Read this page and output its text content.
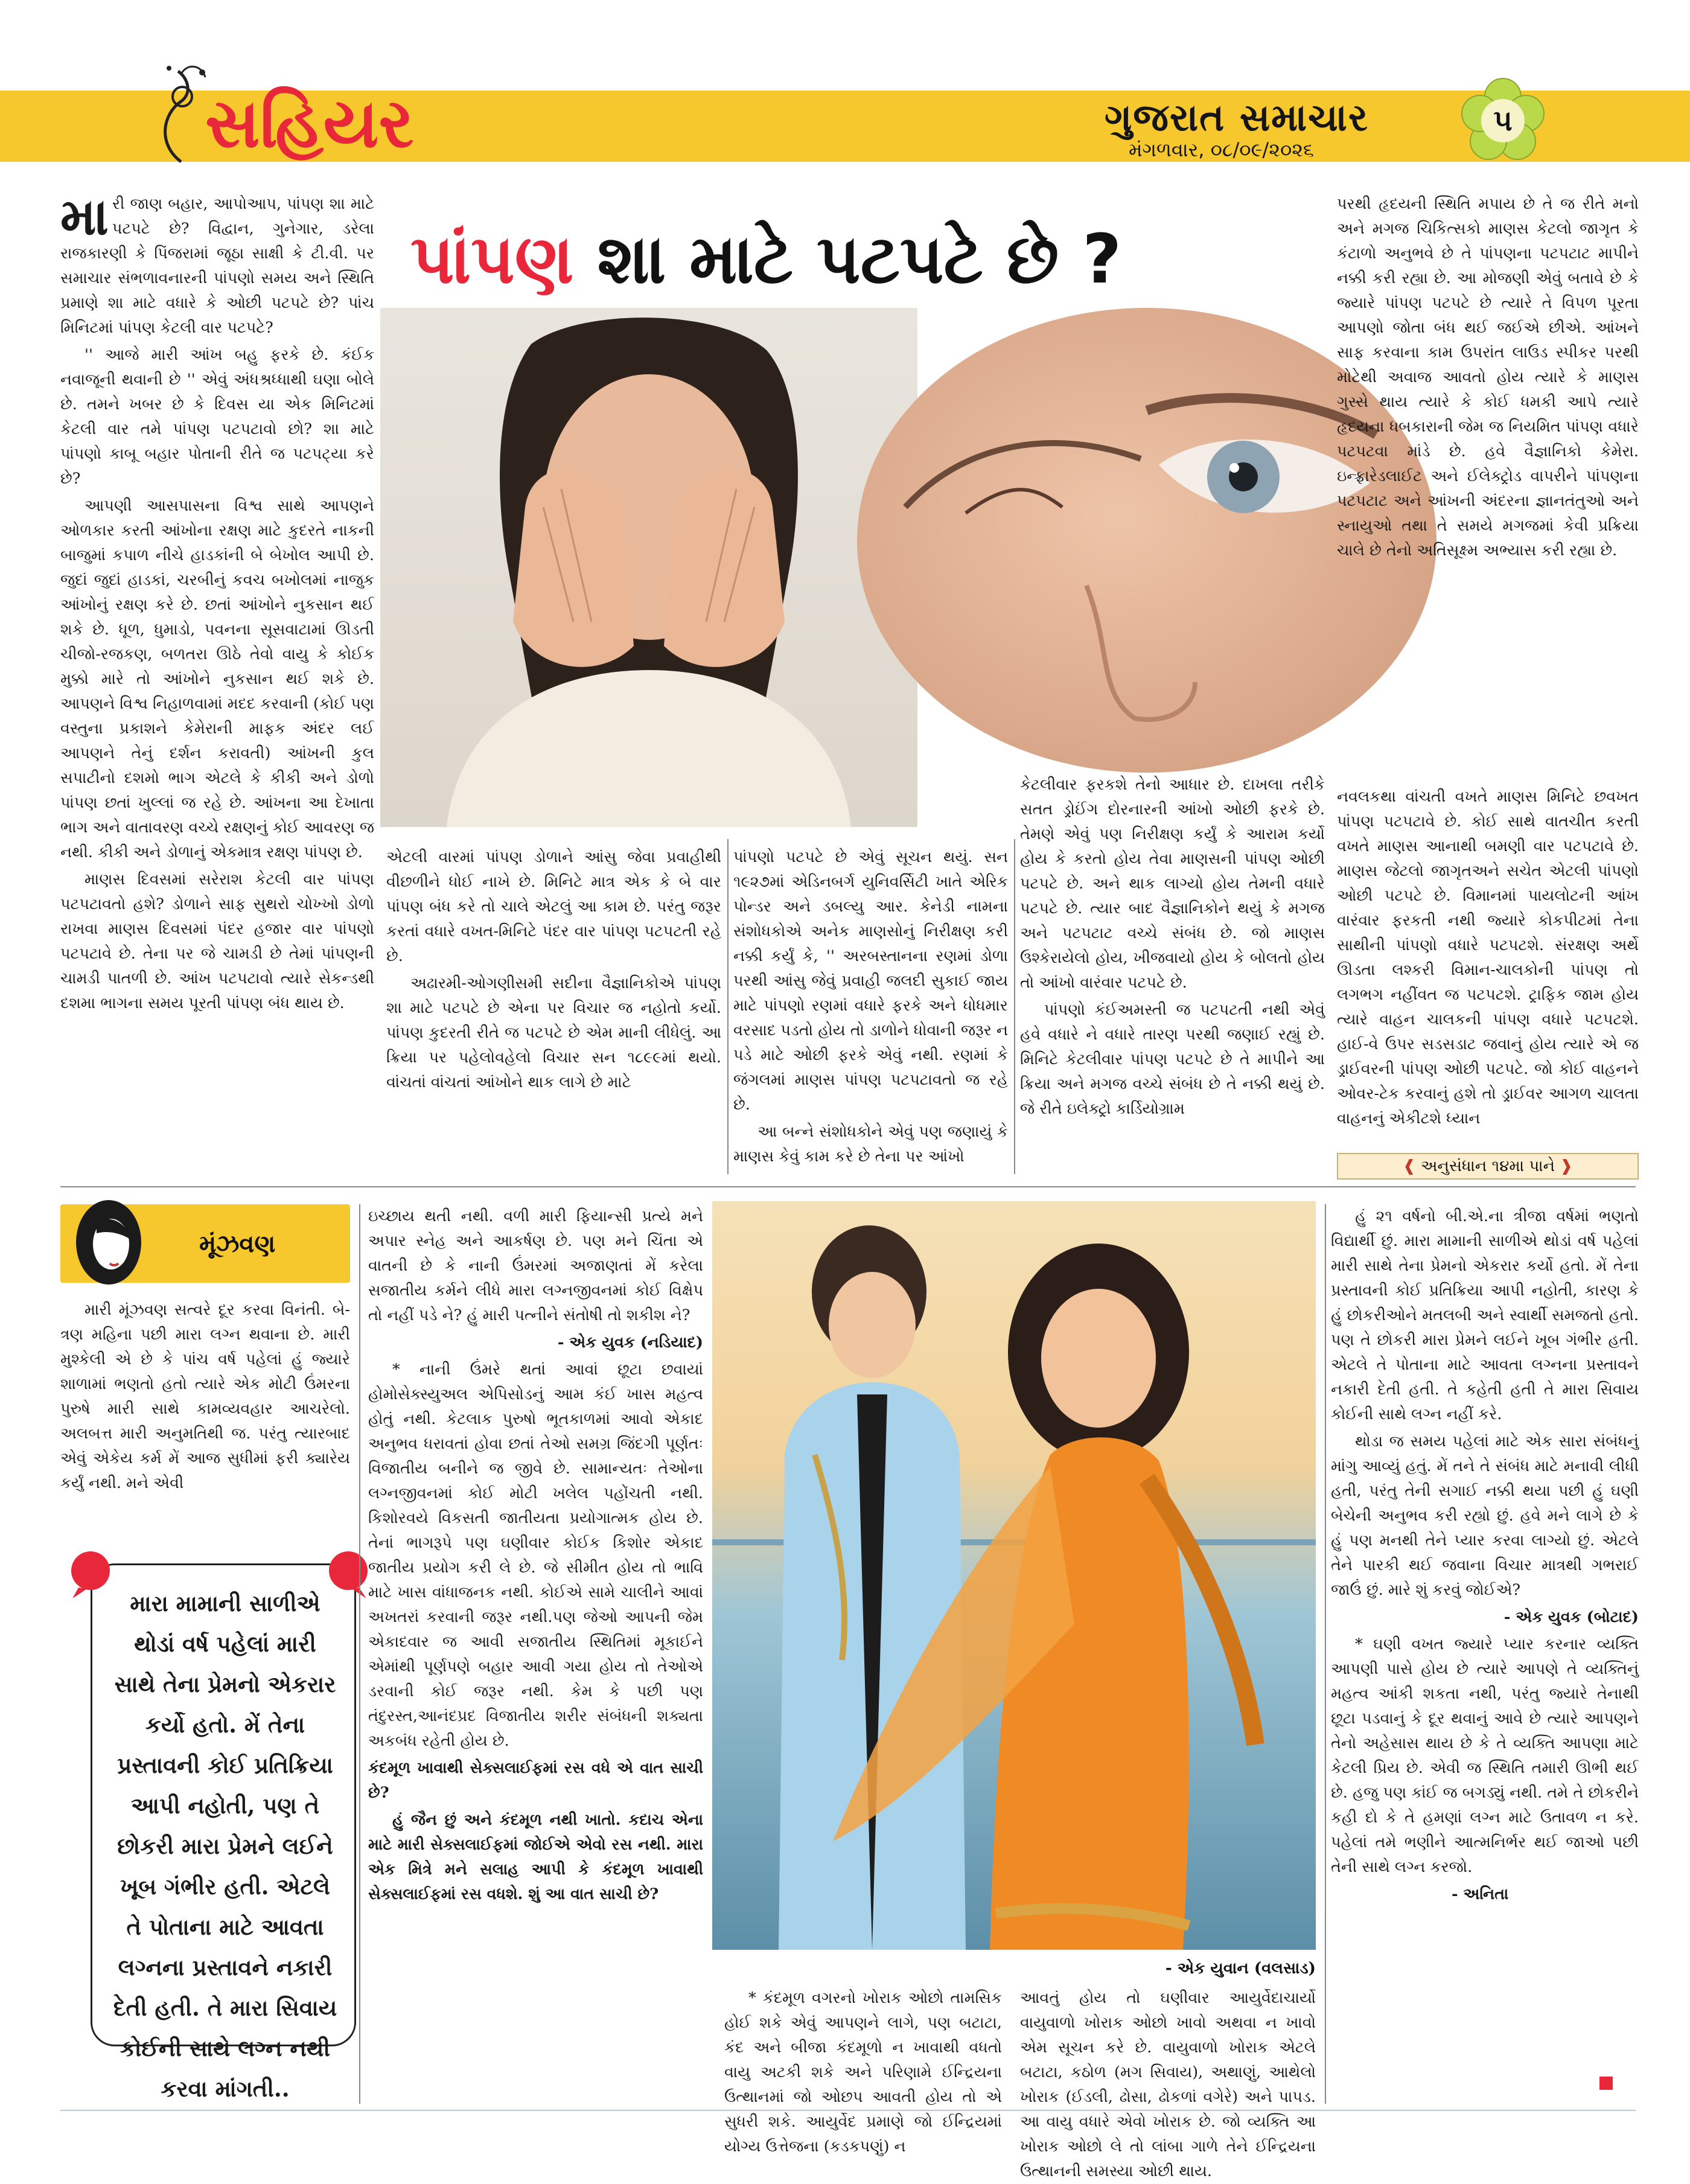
સહિયર	ગુજરાત સમાચાર
મંગળવાર, ૦૮/૦૯/૨૦૨૬
૫
પાંપણ શા માટે પટપટે છે ?

મારી જાણ બહાર, આપોઆપ, પાંપણ શા માટે પટપટે છે? વિદ્વાન, ગુનેગાર, ડરેલા રાજકારણી કે પિંજરામાં જૂઠા સાક્ષી કે ટી.વી. પર સમાચાર સંભળાવનારની પાંપણો સમય અને સ્થિતિ પ્રમાણે શા માટે વધારે કે ઓછી પટપટે છે? પાંચ મિનિટમાં પાંપણ કેટલી વાર પટપટે?

'' આજે મારી આંખ બહુ ફરકે છે. કંઈક નવાજૂની થવાની છે '' એવું અંધશ્રધ્ધાથી ઘણા બોલે છે. તમને ખબર છે કે દિવસ યા એક મિનિટમાં કેટલી વાર તમે પાંપણ પટપટાવો છો? શા માટે પાંપણો કાબૂ બહાર પોતાની રીતે જ પટપટ્યા કરે છે?

આપણી આસપાસના વિશ્વ સાથે આપણને ઓળકાર કરતી આંખોના રક્ષણ માટે કુદરતે નાકની બાજુમાં કપાળ નીચે હાડકાંની બે બેખોલ આપી છે. જુદાં જુદાં હાડકાં, ચરબીનું કવચ બખોલમાં નાજુક આંખોનું રક્ષણ કરે છે. છતાં આંખોને નુકસાન થઈ શકે છે. ધૂળ, ધુમાડો, પવનના સૂસવાટામાં ઊડતી ચીજો-રજકણ, બળતરા ઊઠે તેવો વાયુ કે કોઈક મુક્કો મારે તો આંખોને નુકસાન થઈ શકે છે. આપણને વિશ્વ નિહાળવામાં મદદ કરવાની (કોઈ પણ વસ્તુના પ્રકાશને કેમેરાની માફક અંદર લઈ આપણને તેનું દર્શન કરાવતી) આંખની કુલ સપાટીનો દશમો ભાગ એટલે કે કીકી અને ડોળો પાંપણ છતાં ખુલ્લાં જ રહે છે. આંખના આ દેખાતા ભાગ અને વાતાવરણ વચ્ચે રક્ષણનું કોઈ આવરણ જ નથી. કીકી અને ડોળાનું એકમાત્ર રક્ષણ પાંપણ છે.

માણસ દિવસમાં સરેરાશ કેટલી વાર પાંપણ પટપટાવતો હશે? ડોળાને સાફ સુથરો ચોખ્ખો ડોળો રાખવા માણસ દિવસમાં પંદર હજાર વાર પાંપણો પટપટાવે છે. તેના પર જે ચામડી છે તેમાં પાંપણની ચામડી પાતળી છે. આંખ પટપટાવો ત્યારે સેકન્ડથી દશમા ભાગના સમય પૂરતી પાંપણ બંધ થાય છે.

એટલી વારમાં પાંપણ ડોળાને આંસુ જેવા પ્રવાહીથી વીછળીને ધોઈ નાખે છે. મિનિટે માત્ર એક કે બે વાર પાંપણ બંધ કરે તો ચાલે એટલું આ કામ છે. પરંતુ જરૂર કરતાં વધારે વખત-મિનિટે પંદર વાર પાંપણ પટપટતી રહે છે.

અઢારમી-ઓગણીસમી સદીના વૈજ્ઞાનિકોએ પાંપણ શા માટે પટપટે છે એના પર વિચાર જ નહોતો કર્યો. પાંપણ કુદરતી રીતે જ પટપટે છે એમ માની લીધેલું. આ ક્રિયા પર પહેલોવહેલો વિચાર સન ૧૮૯૯માં થયો. વાંચતાં વાંચતાં આંખોને થાક લાગે છે માટે

પાંપણો પટપટે છે એવું સૂચન થયું. સન ૧૯૨૭માં એડિનબર્ગ યુનિવર્સિટી ખાતે એરિક પોન્ડર અને ડબલ્યુ આર. કેનેડી નામના સંશોધકોએ અનેક માણસોનું નિરીક્ષણ કરી નક્કી કર્યું કે, '' અરબસ્તાનના રણમાં ડોળા પરથી આંસુ જેવું પ્રવાહી જલદી સુકાઈ જાય માટે પાંપણો રણમાં વધારે ફરકે અને ધોધમાર વરસાદ પડતો હોય તો ડાળોને ધોવાની જરૂર ન પડે માટે ઓછી ફરકે એવું નથી. રણમાં કે જંગલમાં માણસ પાંપણ પટપટાવતો જ રહે છે.

આ બન્ને સંશોધકોને એવું પણ જણાયું કે માણસ કેવું કામ કરે છે તેના પર આંખો

કેટલીવાર ફરકશે તેનો આધાર છે. દાખલા તરીકે સતત ડ્રોઈંગ દોરનારની આંખો ઓછી ફરકે છે. તેમણે એવું પણ નિરીક્ષણ કર્યું કે આરામ કર્યો હોય કે કરતો હોય તેવા માણસની પાંપણ ઓછી પટપટે છે. અને થાક લાગ્યો હોય તેમની વધારે પટપટે છે. ત્યાર બાદ વૈજ્ઞાનિકોને થયું કે મગજ અને પટપટાટ વચ્ચે સંબંધ છે. જો માણસ ઉશ્કેરાયેલો હોય, ખીજવાયો હોય કે બોલતો હોય તો આંખો વારંવાર પટપટે છે.

પાંપણો કંઈઅમસ્તી જ પટપટતી નથી એવું હવે વધારે ને વધારે તારણ પરથી જણાઈ રહ્યું છે. મિનિટે કેટલીવાર પાંપણ પટપટે છે તે માપીને આ ક્રિયા અને મગજ વચ્ચે સંબંધ છે તે નક્કી થયું છે. જે રીતે ઇલેક્ટ્રો કાર્ડિયોગ્રામ

પરથી હૃદયની સ્થિતિ મપાય છે તે જ રીતે મનો અને મગજ ચિકિત્સકો માણસ કેટલો જાગૃત કે કંટાળો અનુભવે છે તે પાંપણના પટપટાટ માપીને નક્કી કરી રહ્યા છે. આ મોજણી એવું બતાવે છે કે જ્યારે પાંપણ પટપટે છે ત્યારે તે વિપળ પૂરતા આપણો જોતા બંધ થઈ જઈએ છીએ. આંખને સાફ કરવાના કામ ઉપરાંત લાઉડ સ્પીકર પરથી મોટેથી અવાજ આવતો હોય ત્યારે કે માણસ ગુસ્સે થાય ત્યારે કે કોઈ ધમકી આપે ત્યારે હૃદયના ધબકારાની જેમ જ નિયમિત પાંપણ વધારે પટપટવા માંડે છે. હવે વૈજ્ઞાનિકો કેમેરા. ઇન્ફ્રારેડલાઈટ અને ઈલેક્ટ્રોડ વાપરીને પાંપણના પટપટાટ અને આંખની અંદરના જ્ઞાનતંતુઓ અને સ્નાયુઓ તથા તે સમયે મગજમાં કેવી પ્રક્રિયા ચાલે છે તેનો અતિસૂક્ષ્મ અભ્યાસ કરી રહ્યા છે.

નવલકથા વાંચતી વખતે માણસ મિનિટે છવખત પાંપણ પટપટાવે છે. કોઈ સાથે વાતચીત કરતી વખતે માણસ આનાથી બમણી વાર પટપટાવે છે. માણસ જેટલો જાગૃતઅને સચેત એટલી પાંપણો ઓછી પટપટે છે. વિમાનમાં પાયલોટની આંખ વારંવાર ફરકતી નથી જ્યારે કોકપીટમાં તેના સાથીની પાંપણો વધારે પટપટશે. સંરક્ષણ અર્થે ઊડતા લશ્કરી વિમાન-ચાલકોની પાંપણ તો લગભગ નહીંવત જ પટપટશે. ટ્રાફિક જામ હોય ત્યારે વાહન ચાલકની પાંપણ વધારે પટપટશે. હાઈ-વે ઉપર સડસડાટ જવાનું હોય ત્યારે એ જ ડ્રાઈવરની પાંપણ ઓછી પટપટે. જો કોઈ વાહનને ઓવર-ટેક કરવાનું હશે તો ડ્રાઈવર આગળ ચાલતા વાહનનું એકીટશે ધ્યાન

❰ અનુસંધાન ૧૪મા પાને ❱
મૂંઝવણ

મારી મૂંઝવણ સત્વરે દૂર કરવા વિનંતી. બે-ત્રણ મહિના પછી મારા લગ્ન થવાના છે. મારી મુશ્કેલી એ છે કે પાંચ વર્ષ પહેલાં હું જ્યારે શાળામાં ભણતો હતો ત્યારે એક મોટી ઉંમરના પુરુષે મારી સાથે કામવ્યવહાર આચરેલો. અલબત્ત મારી અનુમતિથી જ. પરંતુ ત્યારબાદ એવું એકેય કર્મ મેં આજ સુધીમાં ફરી ક્યારેય કર્યું નથી. મને એવી

મારા મામાની સાળીએ થોડાં વર્ષ પહેલાં મારી સાથે તેના પ્રેમનો એકરાર કર્યો હતો. મેં તેના પ્રસ્તાવની કોઈ પ્રતિક્રિયા આપી નહોતી, પણ તે છોકરી મારા પ્રેમને લઈને ખૂબ ગંભીર હતી. એટલે તે પોતાના માટે આવતા લગ્નના પ્રસ્તાવને નકારી દેતી હતી. તે મારા સિવાય કોઈની સાથે લગ્ન નથી કરવા માંગતી..

ઇચ્છાય થતી નથી. વળી મારી ફિયાન્સી પ્રત્યે મને અપાર સ્નેહ અને આકર્ષણ છે. પણ મને ચિંતા એ વાતની છે કે નાની ઉંમરમાં અજાણતાં મેં કરેલા સજાતીય કર્મને લીધે મારા લગ્નજીવનમાં કોઈ વિક્ષેપ તો નહીં પડે ને? હું મારી પત્નીને સંતોષી તો શકીશ ને?

- એક યુવક (નડિયાદ)

* નાની ઉંમરે થતાં આવાં છૂટા છવાયાં હોમોસેક્સ્યુઅલ એપિસોડનું આમ કંઈ ખાસ મહત્વ હોતું નથી. કેટલાક પુરુષો ભૂતકાળમાં આવો એકાદ અનુભવ ધરાવતાં હોવા છતાં તેઓ સમગ્ર જિંદગી પૂર્ણતઃ વિજાતીય બનીને જ જીવે છે. સામાન્યતઃ તેઓના લગ્નજીવનમાં કોઈ મોટી ખલેલ પહોંચતી નથી. કિશોરવયે વિકસતી જાતીયતા પ્રયોગાત્મક હોય છે. તેનાં ભાગરૂપે પણ ઘણીવાર કોઈક કિશોર એકાદ જાતીય પ્રયોગ કરી લે છે. જે સીમીત હોય તો ભાવિ માટે ખાસ વાંધાજનક નથી. કોઈએ સામે ચાલીને આવાં અખતરાં કરવાની જરૂર નથી.પણ જેઓ આપની જેમ એકાદવાર જ આવી સજાતીય સ્થિતિમાં મૂકાઈને એમાંથી પૂર્ણપણે બહાર આવી ગયા હોય તો તેઓએ ડરવાની કોઈ જરૂર નથી. કેમ કે પછી પણ તંદુરસ્ત,આનંદપ્રદ વિજાતીય શરીર સંબંધની શક્યતા અકબંધ રહેતી હોય છે.

કંદમૂળ ખાવાથી સેક્સલાઈફમાં રસ વધે એ વાત સાચી છે?

હું જૈન છું અને કંદમૂળ નથી ખાતો. કદાચ એના માટે મારી સેક્સલાઈફમાં જોઈએ એવો રસ નથી. મારા એક મિત્રે મને સલાહ આપી કે કંદમૂળ ખાવાથી સેક્સલાઈફમાં રસ વધશે. શું આ વાત સાચી છે?

- એક યુવાન (વલસાડ)

* કંદમૂળ વગરનો ખોરાક ઓછો તામસિક હોઈ શકે એવું આપણને લાગે, પણ બટાટા, કંદ અને બીજા કંદમૂળો ન ખાવાથી વધતો વાયુ અટકી શકે અને પરિણામે ઈન્દ્રિયના ઉત્થાનમાં જો ઓછપ આવતી હોય તો એ સુધરી શકે. આયુર્વેદ પ્રમાણે જો ઈન્દ્રિયમાં યોગ્ય ઉત્તેજના (કડકપણું) ન

આવતું હોય તો ઘણીવાર આયુર્વેદાચાર્યો વાયુવાળો ખોરાક ઓછો ખાવો અથવા ન ખાવો એમ સૂચન કરે છે. વાયુવાળો ખોરાક એટલે બટાટા, કઠોળ (મગ સિવાય), અથાણું, આથેલો ખોરાક (ઈડલી, ઢોસા, ઢોકળાં વગેરે) અને પાપડ. આ વાયુ વધારે એવો ખોરાક છે. જો વ્યક્તિ આ ખોરાક ઓછો લે તો લાંબા ગાળે તેને ઈન્દ્રિયના ઉત્થાનની સમસ્યા ઓછી થાય.

હું ૨૧ વર્ષનો બી.એ.ના ત્રીજા વર્ષમાં ભણતો વિદ્યાર્થી છું. મારા મામાની સાળીએ થોડાં વર્ષ પહેલાં મારી સાથે તેના પ્રેમનો એકરાર કર્યો હતો. મેં તેના પ્રસ્તાવની કોઈ પ્રતિક્રિયા આપી નહોતી, કારણ કે હું છોકરીઓને મતલબી અને સ્વાર્થી સમજતો હતો. પણ તે છોકરી મારા પ્રેમને લઈને ખૂબ ગંભીર હતી. એટલે તે પોતાના માટે આવતા લગ્નના પ્રસ્તાવને નકારી દેતી હતી. તે કહેતી હતી તે મારા સિવાય કોઈની સાથે લગ્ન નહીં કરે.

થોડા જ સમય પહેલાં માટે એક સારા સંબંધનું માંગુ આવ્યું હતું. મેં તને તે સંબંધ માટે મનાવી લીધી હતી, પરંતુ તેની સગાઈ નક્કી થયા પછી હું ઘણી બેચેની અનુભવ કરી રહ્યો છું. હવે મને લાગે છે કે હું પણ મનથી તેને પ્યાર કરવા લાગ્યો છું. એટલે તેને પારકી થઈ જવાના વિચાર માત્રથી ગભરાઈ જાઉં છું. મારે શું કરવું જોઈએ?

- એક યુવક (બોટાદ)

* ઘણી વખત જ્યારે પ્યાર કરનાર વ્યક્તિ આપણી પાસે હોય છે ત્યારે આપણે તે વ્યક્તિનું મહત્વ આંકી શકતા નથી, પરંતુ જ્યારે તેનાથી છૂટા પડવાનું કે દૂર થવાનું આવે છે ત્યારે આપણને તેનો અહેસાસ થાય છે કે તે વ્યક્તિ આપણા માટે કેટલી પ્રિય છે. એવી જ સ્થિતિ તમારી ઊભી થઈ છે. હજુ પણ કાંઈ જ બગડ્યું નથી. તમે તે છોકરીને કહી દો કે તે હમણાં લગ્ન માટે ઉતાવળ ન કરે. પહેલાં તમે ભણીને આત્મનિર્ભર થઈ જાઓ પછી તેની સાથે લગ્ન કરજો.

- અનિતા
